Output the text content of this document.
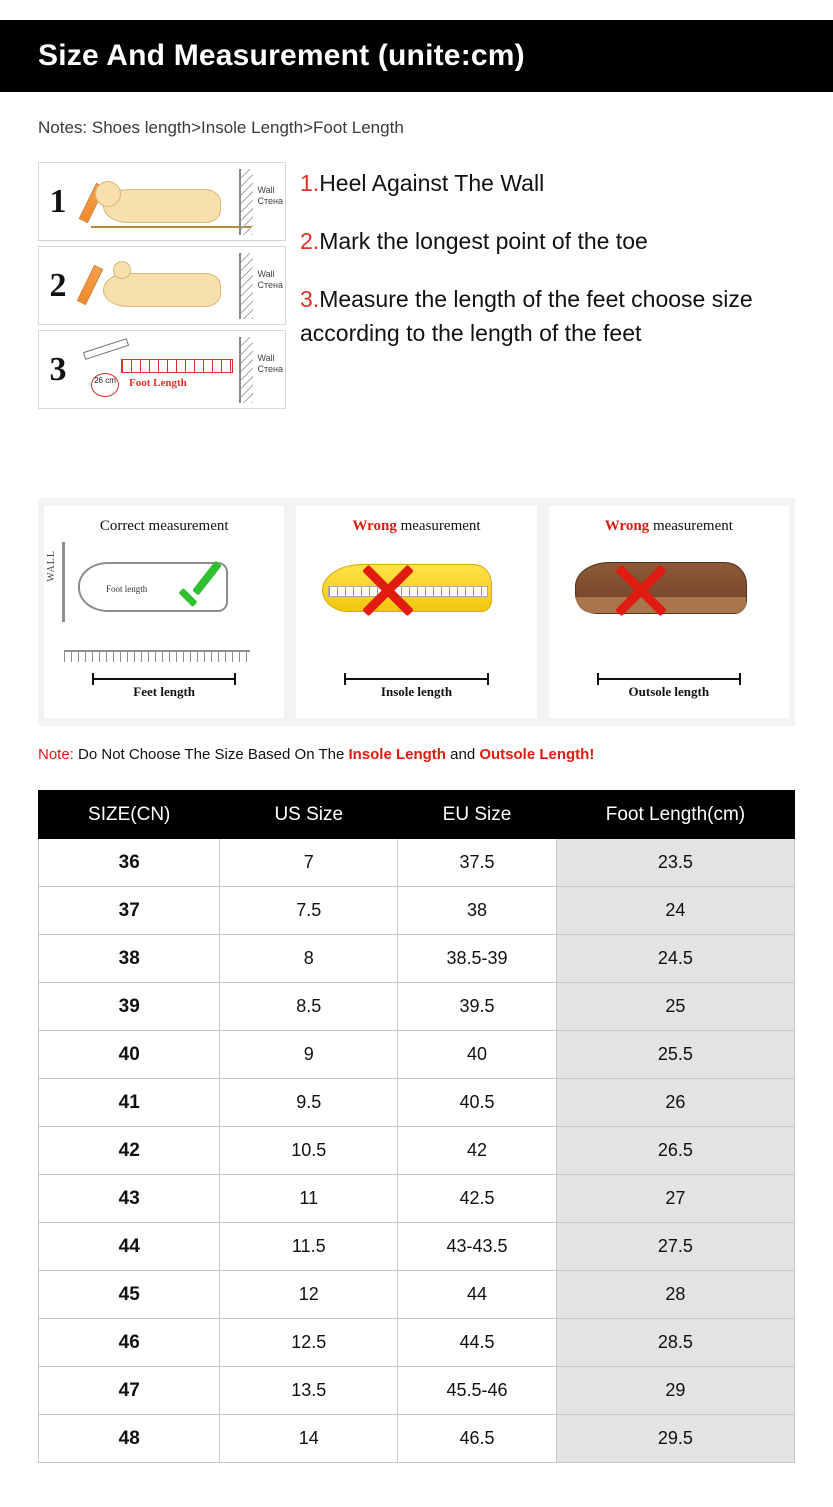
Size And Measurement (unite:cm)
Notes: Shoes length>Insole Length>Foot Length
1	Wall
Стена
2	Wall
Стена
3	Foot Length
26 cm
Wall
Стена
1.Heel Against The Wall
2.Mark the longest point of the toe
3.Measure the length of the feet choose size according to the length of the feet
Correct measurement
WALL
Foot length
Feet length
Wrong measurement
Insole length
Wrong measurement
Outsole length
Note: Do Not Choose The Size Based On The Insole Length and Outsole Length!
SIZE(CN)	US Size	EU Size	Foot Length(cm)
36	7	37.5	23.5
37	7.5	38	24
38	8	38.5-39	24.5
39	8.5	39.5	25
40	9	40	25.5
41	9.5	40.5	26
42	10.5	42	26.5
43	11	42.5	27
44	11.5	43-43.5	27.5
45	12	44	28
46	12.5	44.5	28.5
47	13.5	45.5-46	29
48	14	46.5	29.5
